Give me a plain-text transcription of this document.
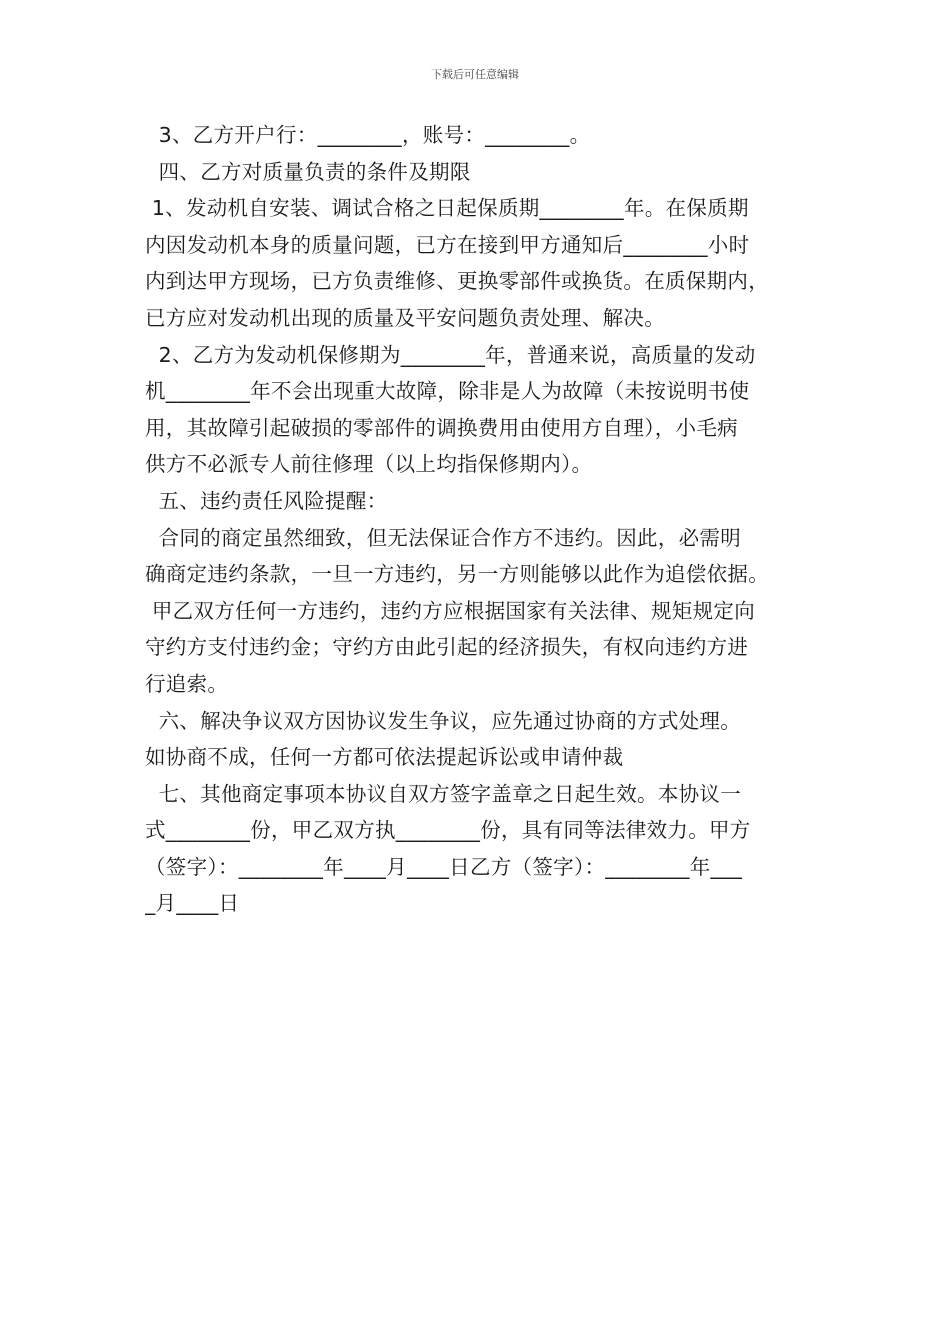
下载后可任意编辑
3、乙方开户行：________，账号：________。
四、乙方对质量负责的条件及期限
1、发动机自安装、调试合格之日起保质期________年。在保质期
内因发动机本身的质量问题，已方在接到甲方通知后________小时
内到达甲方现场，已方负责维修、更换零部件或换货。在质保期内，
已方应对发动机出现的质量及平安问题负责处理、解决。
2、乙方为发动机保修期为________年，普通来说，高质量的发动
机________年不会出现重大故障，除非是人为故障（未按说明书使
用，其故障引起破损的零部件的调换费用由使用方自理），小毛病
供方不必派专人前往修理（以上均指保修期内）。
五、违约责任风险提醒：
合同的商定虽然细致，但无法保证合作方不违约。因此，必需明
确商定违约条款，一旦一方违约，另一方则能够以此作为追偿依据。
甲乙双方任何一方违约，违约方应根据国家有关法律、规矩规定向
守约方支付违约金；守约方由此引起的经济损失，有权向违约方进
行追索。
六、解决争议双方因协议发生争议，应先通过协商的方式处理。
如协商不成，任何一方都可依法提起诉讼或申请仲裁
七、其他商定事项本协议自双方签字盖章之日起生效。本协议一
式________份，甲乙双方执________份，具有同等法律效力。甲方
（签字）：________年____月____日乙方（签字）：________年___
_月____日
